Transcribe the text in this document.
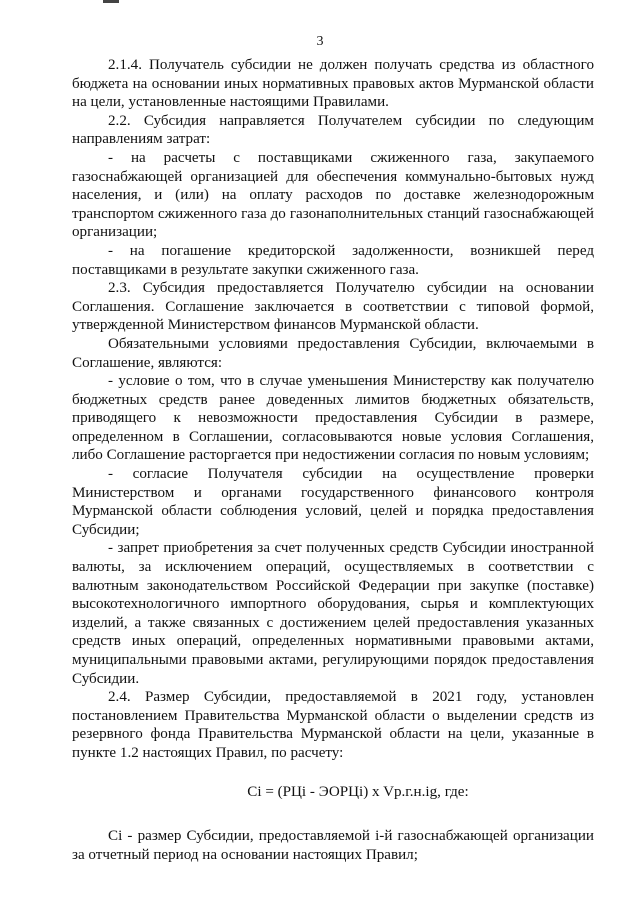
3

2.1.4. Получатель субсидии не должен получать средства из областного бюджета на основании иных нормативных правовых актов Мурманской области на цели, установленные настоящими Правилами.

2.2. Субсидия направляется Получателем субсидии по следующим направлениям затрат:

- на расчеты с поставщиками сжиженного газа, закупаемого газоснабжающей организацией для обеспечения коммунально-бытовых нужд населения, и (или) на оплату расходов по доставке железнодорожным транспортом сжиженного газа до газонаполнительных станций газоснабжающей организации;

- на погашение кредиторской задолженности, возникшей перед поставщиками в результате закупки сжиженного газа.

2.3. Субсидия предоставляется Получателю субсидии на основании Соглашения. Соглашение заключается в соответствии с типовой формой, утвержденной Министерством финансов Мурманской области.

Обязательными условиями предоставления Субсидии, включаемыми в Соглашение, являются:

- условие о том, что в случае уменьшения Министерству как получателю бюджетных средств ранее доведенных лимитов бюджетных обязательств, приводящего к невозможности предоставления Субсидии в размере, определенном в Соглашении, согласовываются новые условия Соглашения, либо Соглашение расторгается при недостижении согласия по новым условиям;

- согласие Получателя субсидии на осуществление проверки Министерством и органами государственного финансового контроля Мурманской области соблюдения условий, целей и порядка предоставления Субсидии;

- запрет приобретения за счет полученных средств Субсидии иностранной валюты, за исключением операций, осуществляемых в соответствии с валютным законодательством Российской Федерации при закупке (поставке) высокотехнологичного импортного оборудования, сырья и комплектующих изделий, а также связанных с достижением целей предоставления указанных средств иных операций, определенных нормативными правовыми актами, муниципальными правовыми актами, регулирующими порядок предоставления Субсидии.

2.4. Размер Субсидии, предоставляемой в 2021 году, установлен постановлением Правительства Мурманской области о выделении средств из резервного фонда Правительства Мурманской области на цели, указанные в пункте 1.2 настоящих Правил, по расчету:

Ci = (РЦi - ЭОРЦi) x Vр.г.н.ig, где:

Ci - размер Субсидии, предоставляемой i-й газоснабжающей организации за отчетный период на основании настоящих Правил;
